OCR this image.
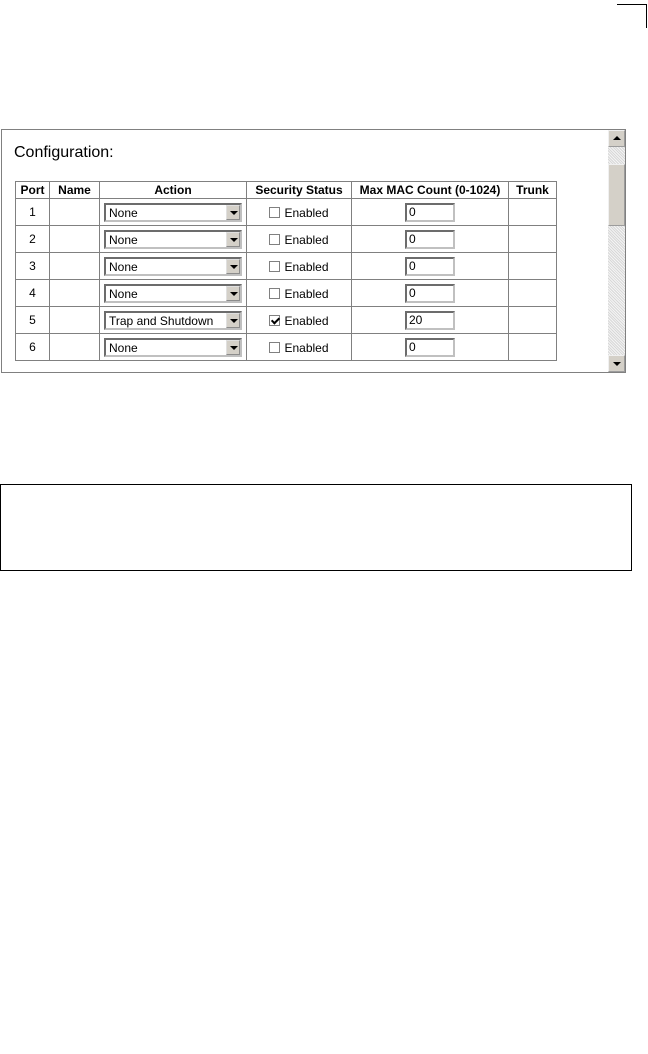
Configuration:
Port	Name	Action	Security Status	Max MAC Count (0-1024)	Trunk
1		None	Enabled	0	
2		None	Enabled	0	
3		None	Enabled	0	
4		None	Enabled	0	
5		Trap and Shutdown	Enabled	20	
6		None	Enabled	0	
